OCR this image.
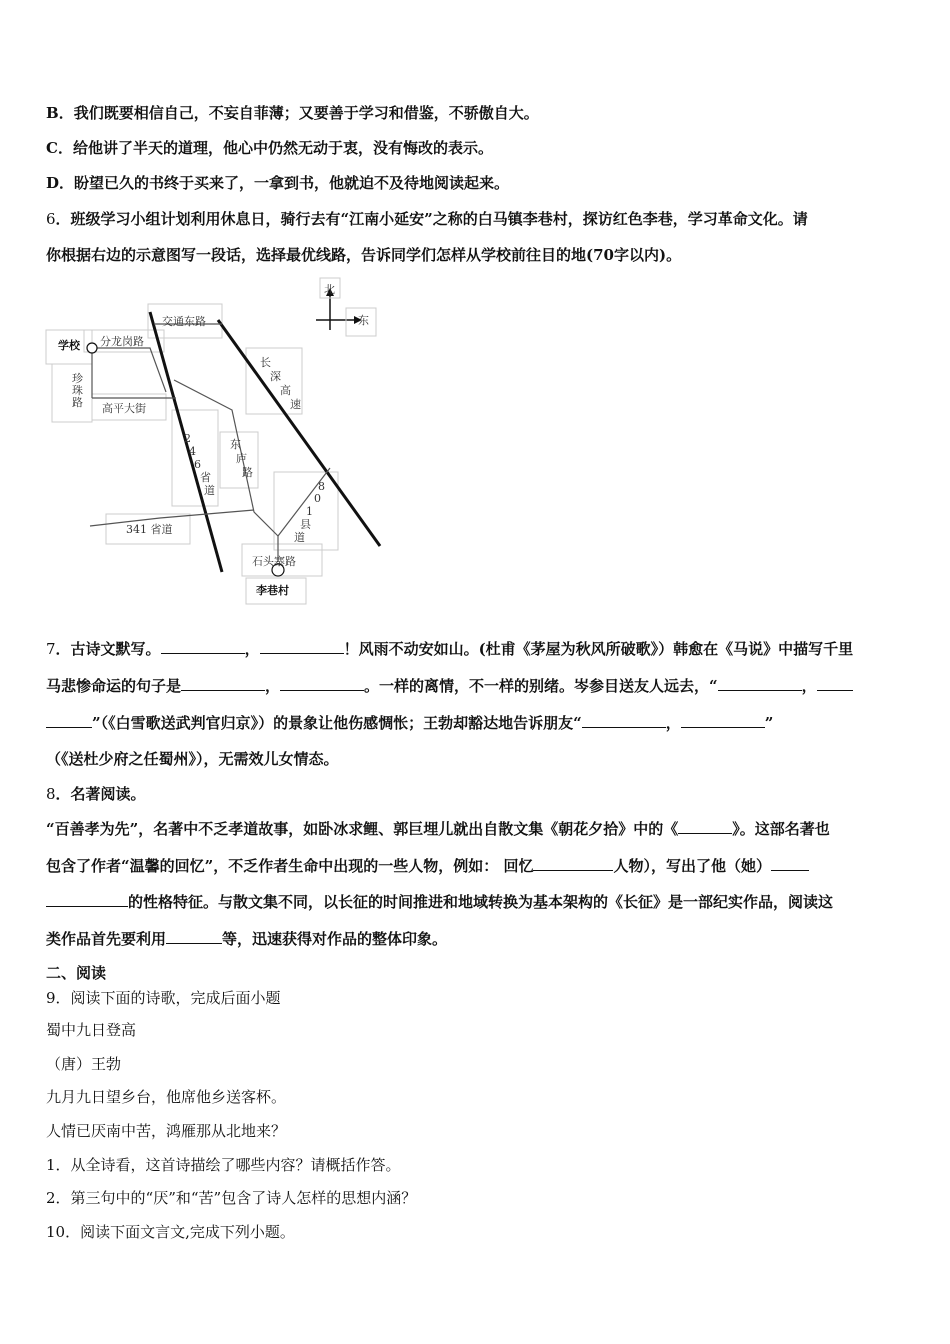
B．我们既要相信自己，不妄自菲薄；又要善于学习和借鉴，不骄傲自大。
C．给他讲了半天的道理，他心中仍然无动于衷，没有悔改的表示。
D．盼望已久的书终于买来了，一拿到书，他就迫不及待地阅读起来。
6．班级学习小组计划利用休息日，骑行去有“江南小延安”之称的白马镇李巷村，探访红色李巷，学习革命文化。请
你根据右边的示意图写一段话，选择最优线路，告诉同学们怎样从学校前往目的地(70字以内)。
北
东
学校 分龙岗路
交通东路
珍
珠
路 高平大街
长
深
高
速
2
4
6
省
道
东
庐
路
8
0
1
县
道
341 省道
石头寨路
李巷村
7．古诗文默写。	，	！风雨不动安如山。(杜甫《茅屋为秋风所破歌》）韩愈在《马说》中描写千里
马悲惨命运的句子是	，	。一样的离情，不一样的别绪。岑参目送友人远去，“	，
”（《白雪歌送武判官归京》）的景象让他伤感惆怅；王勃却豁达地告诉朋友“	，	”
（《送杜少府之任蜀州》），无需效儿女情态。
8．名著阅读。
“百善孝为先”，名著中不乏孝道故事，如卧冰求鲤、郭巨埋儿就出自散文集《朝花夕拾》中的《	》。这部名著也
包含了作者“温馨的回忆”，不乏作者生命中出现的一些人物，例如： 回忆	人物），写出了他（她）
的性格特征。与散文集不同，以长征的时间推进和地域转换为基本架构的《长征》是一部纪实作品，阅读这
类作品首先要利用	等，迅速获得对作品的整体印象。
二、阅读
9．阅读下面的诗歌，完成后面小题
蜀中九日登高
（唐）王勃
九月九日望乡台，他席他乡送客杯。
人情已厌南中苦，鸿雁那从北地来？
1．从全诗看，这首诗描绘了哪些内容？请概括作答。
2．第三句中的“厌”和“苦”包含了诗人怎样的思想内涵？
10．阅读下面文言文,完成下列小题。
